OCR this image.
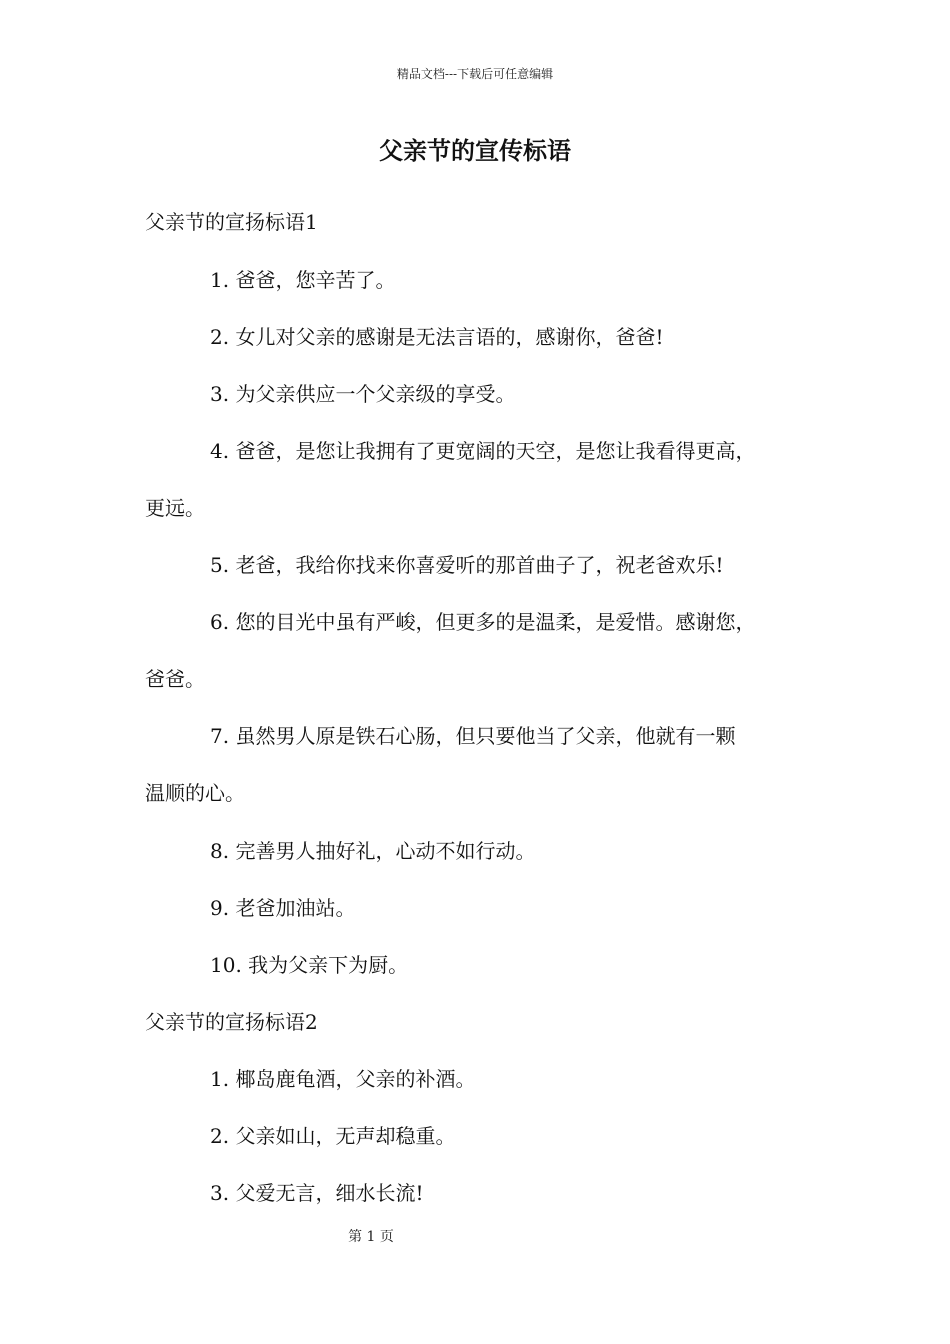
精品文档---下载后可任意编辑
父亲节的宣传标语

父亲节的宣扬标语1

1. 爸爸，您辛苦了。

2. 女儿对父亲的感谢是无法言语的，感谢你，爸爸!

3. 为父亲供应一个父亲级的享受。

4. 爸爸，是您让我拥有了更宽阔的天空，是您让我看得更高，

更远。

5. 老爸，我给你找来你喜爱听的那首曲子了，祝老爸欢乐!

6. 您的目光中虽有严峻，但更多的是温柔，是爱惜。感谢您，

爸爸。

7. 虽然男人原是铁石心肠，但只要他当了父亲，他就有一颗

温顺的心。

8. 完善男人抽好礼，心动不如行动。

9. 老爸加油站。

10. 我为父亲下为厨。

父亲节的宣扬标语2

1. 椰岛鹿龟酒，父亲的补酒。

2. 父亲如山，无声却稳重。

3. 父爱无言，细水长流!

第 1 页
